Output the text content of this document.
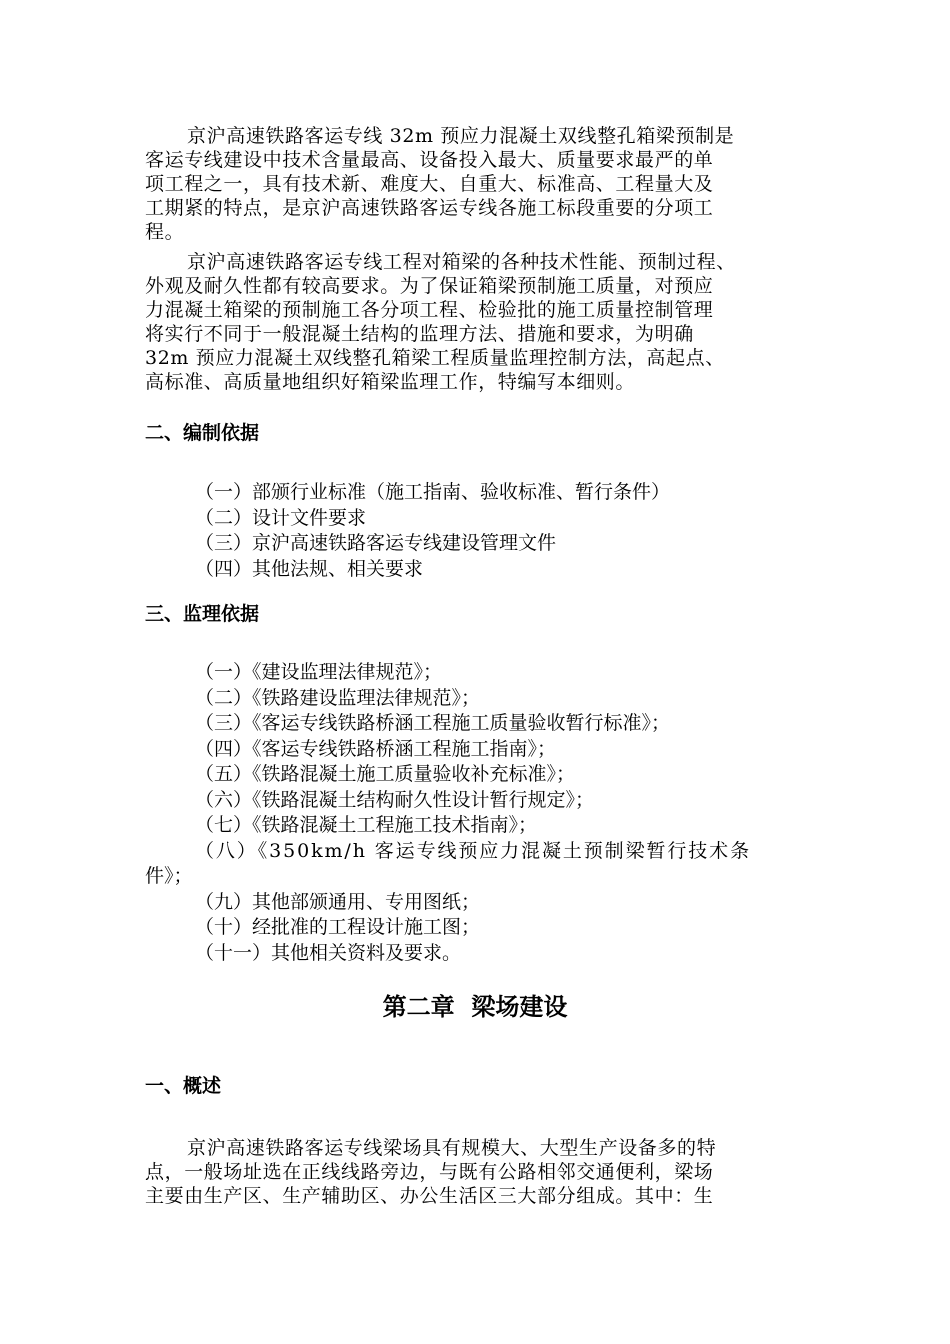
京沪高速铁路客运专线 32m 预应力混凝土双线整孔箱梁预制是
客运专线建设中技术含量最高、设备投入最大、质量要求最严的单
项工程之一，具有技术新、难度大、自重大、标准高、工程量大及
工期紧的特点，是京沪高速铁路客运专线各施工标段重要的分项工
程。

京沪高速铁路客运专线工程对箱梁的各种技术性能、预制过程、
外观及耐久性都有较高要求。为了保证箱梁预制施工质量，对预应
力混凝土箱梁的预制施工各分项工程、检验批的施工质量控制管理
将实行不同于一般混凝土结构的监理方法、措施和要求，为明确
32m 预应力混凝土双线整孔箱梁工程质量监理控制方法，高起点、
高标准、高质量地组织好箱梁监理工作，特编写本细则。

二、编制依据
（一）部颁行业标准（施工指南、验收标准、暂行条件）
（二）设计文件要求
（三）京沪高速铁路客运专线建设管理文件
（四）其他法规、相关要求
三、监理依据
（一）《建设监理法律规范》；
（二）《铁路建设监理法律规范》；
（三）《客运专线铁路桥涵工程施工质量验收暂行标准》；
（四）《客运专线铁路桥涵工程施工指南》；
（五）《铁路混凝土施工质量验收补充标准》；
（六）《铁路混凝土结构耐久性设计暂行规定》；
（七）《铁路混凝土工程施工技术指南》；
（八）《350km/h 客运专线预应力混凝土预制梁暂行技术条
件》；
（九）其他部颁通用、专用图纸；
（十）经批准的工程设计施工图；
（十一）其他相关资料及要求。
第二章  梁场建设
一、概述

京沪高速铁路客运专线梁场具有规模大、大型生产设备多的特
点，一般场址选在正线线路旁边，与既有公路相邻交通便利，梁场
主要由生产区、生产辅助区、办公生活区三大部分组成。其中：生
